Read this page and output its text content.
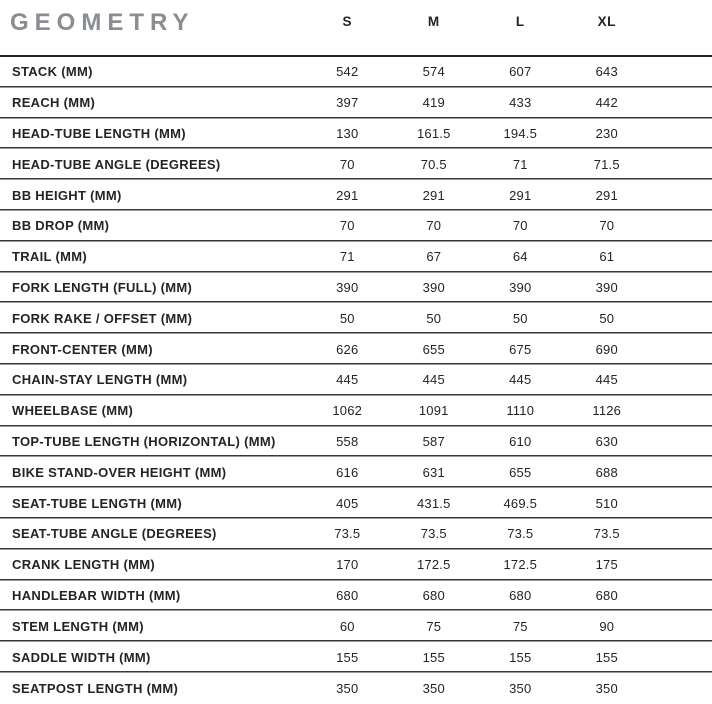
GEOMETRY	S	M	L	XL
STACK (MM)	542	574	607	643
REACH (MM)	397	419	433	442
HEAD-TUBE LENGTH (MM)	130	161.5	194.5	230
HEAD-TUBE ANGLE (DEGREES)	70	70.5	71	71.5
BB HEIGHT (MM)	291	291	291	291
BB DROP (MM)	70	70	70	70
TRAIL (MM)	71	67	64	61
FORK LENGTH (FULL) (MM)	390	390	390	390
FORK RAKE / OFFSET (MM)	50	50	50	50
FRONT-CENTER (MM)	626	655	675	690
CHAIN-STAY LENGTH (MM)	445	445	445	445
WHEELBASE (MM)	1062	1091	1110	1126
TOP-TUBE LENGTH (HORIZONTAL) (MM)	558	587	610	630
BIKE STAND-OVER HEIGHT (MM)	616	631	655	688
SEAT-TUBE LENGTH (MM)	405	431.5	469.5	510
SEAT-TUBE ANGLE (DEGREES)	73.5	73.5	73.5	73.5
CRANK LENGTH (MM)	170	172.5	172.5	175
HANDLEBAR WIDTH (MM)	680	680	680	680
STEM LENGTH (MM)	60	75	75	90
SADDLE WIDTH (MM)	155	155	155	155
SEATPOST LENGTH (MM)	350	350	350	350
